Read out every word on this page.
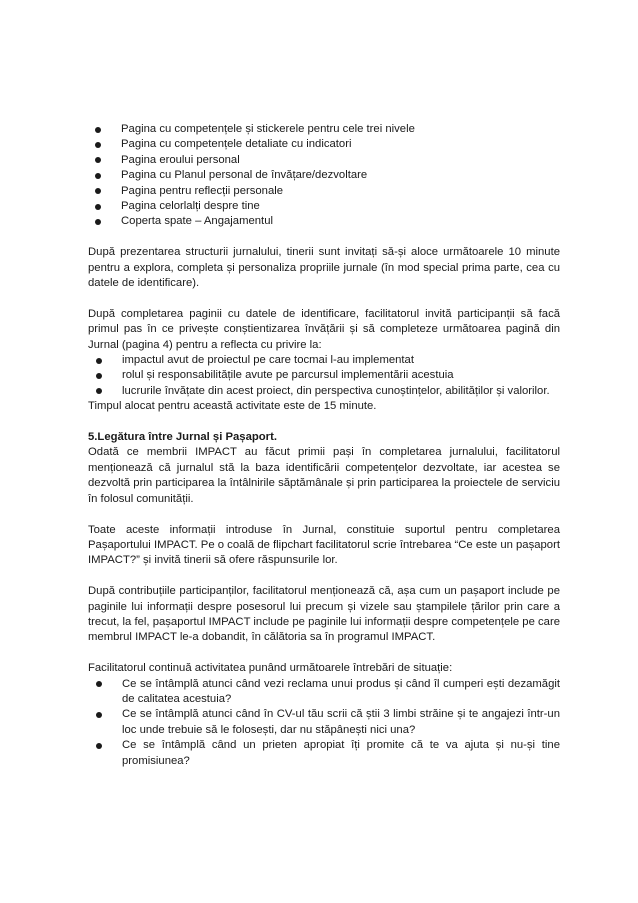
Pagina cu competențele și stickerele pentru cele trei nivele
Pagina cu competențele detaliate cu indicatori
Pagina eroului personal
Pagina cu Planul personal de învățare/dezvoltare
Pagina pentru reflecții personale
Pagina celorlalți despre tine
Coperta spate – Angajamentul

După prezentarea structurii jurnalului, tinerii sunt invitați să-și aloce următoarele 10 minute pentru a explora, completa și personaliza propriile jurnale (în mod special prima parte, cea cu datele de identificare).

După completarea paginii cu datele de identificare, facilitatorul invită participanții să facă primul pas în ce privește conștientizarea învățării și să completeze următoarea pagină din Jurnal (pagina 4) pentru a reflecta cu privire la:

impactul avut de proiectul pe care tocmai l-au implementat
rolul și responsabilitățile avute pe parcursul implementării acestuia
lucrurile învățate din acest proiect, din perspectiva cunoștințelor, abilităților și valorilor.

Timpul alocat pentru această activitate este de 15 minute.

5.Legătura între Jurnal și Pașaport.

Odată ce membrii IMPACT au făcut primii pași în completarea jurnalului, facilitatorul menționează că jurnalul stă la baza identificării competențelor dezvoltate, iar acestea se dezvoltă prin participarea la întâlnirile săptămânale și prin participarea la proiectele de serviciu în folosul comunității.

Toate aceste informații introduse în Jurnal, constituie suportul pentru completarea Pașaportului IMPACT. Pe o coală de flipchart facilitatorul scrie întrebarea “Ce este un pașaport IMPACT?” și invită tinerii să ofere răspunsurile lor.

După contribuțiile participanților, facilitatorul menționează că, așa cum un pașaport include pe paginile lui informații despre posesorul lui precum și vizele sau ștampilele țărilor prin care a trecut, la fel, pașaportul IMPACT include pe paginile lui informații despre competențele pe care membrul IMPACT le-a dobandit, în călătoria sa în programul IMPACT.

Facilitatorul continuă activitatea punând următoarele întrebări de situație:

Ce se întâmplă atunci când vezi reclama unui produs și când îl cumperi ești dezamăgit de calitatea acestuia?
Ce se întâmplă atunci când în CV-ul tău scrii că știi 3 limbi străine și te angajezi într-un loc unde trebuie să le folosești, dar nu stăpânești nici una?
Ce se întâmplă când un prieten apropiat îți promite că te va ajuta și nu-și tine promisiunea?
